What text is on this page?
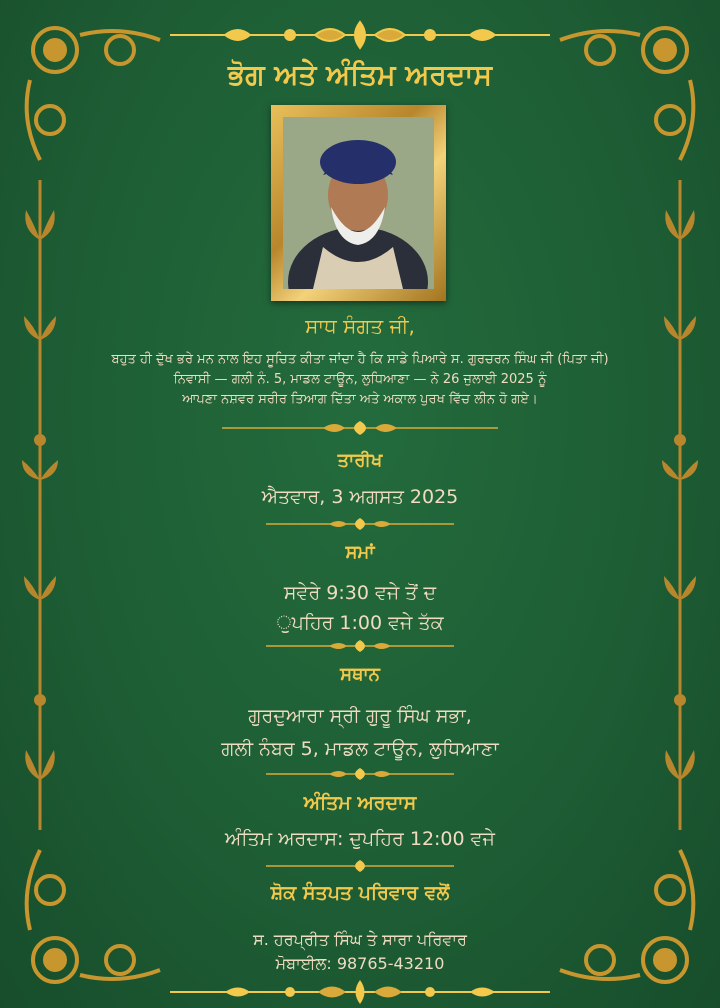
ਭੋਗ ਅਤੇ ਅੰਤਿਮ ਅਰਦਾਸ
ਸਾਧ ਸੰਗਤ ਜੀ,
ਬਹੁਤ ਹੀ ਦੁੱਖ ਭਰੇ ਮਨ ਨਾਲ ਇਹ ਸੂਚਿਤ ਕੀਤਾ ਜਾਂਦਾ ਹੈ ਕਿ ਸਾਡੇ ਪਿਆਰੇ ਸ. ਗੁਰਚਰਨ ਸਿੰਘ ਜੀ (ਪਿਤਾ ਜੀ)
ਨਿਵਾਸੀ — ਗਲੀ ਨੰ. 5, ਮਾਡਲ ਟਾਊਨ, ਲੁਧਿਆਣਾ — ਨੇ 26 ਜੁਲਾਈ 2025 ਨੂੰ
ਆਪਣਾ ਨਸ਼ਵਰ ਸਰੀਰ ਤਿਆਗ ਦਿੱਤਾ ਅਤੇ ਅਕਾਲ ਪੁਰਖ ਵਿੱਚ ਲੀਨ ਹੋ ਗਏ।
ਤਾਰੀਖ
ਐਤਵਾਰ, 3 ਅਗਸਤ 2025
ਸਮਾਂ
ਸਵੇਰੇ 9:30 ਵਜੇ ਤੋਂ ਦ
ੁਪਹਿਰ 1:00 ਵਜੇ ਤੱਕ
ਸਥਾਨ
ਗੁਰਦੁਆਰਾ ਸ੍ਰੀ ਗੁਰੂ ਸਿੰਘ ਸਭਾ,
ਗਲੀ ਨੰਬਰ 5, ਮਾਡਲ ਟਾਊਨ, ਲੁਧਿਆਣਾ
ਅੰਤਿਮ ਅਰਦਾਸ
ਅੰਤਿਮ ਅਰਦਾਸ: ਦੁਪਹਿਰ 12:00 ਵਜੇ
ਸ਼ੋਕ ਸੰਤਪਤ ਪਰਿਵਾਰ ਵਲੋਂ
ਸ. ਹਰਪ੍ਰੀਤ ਸਿੰਘ ਤੇ ਸਾਰਾ ਪਰਿਵਾਰ
ਮੋਬਾਈਲ: 98765-43210
